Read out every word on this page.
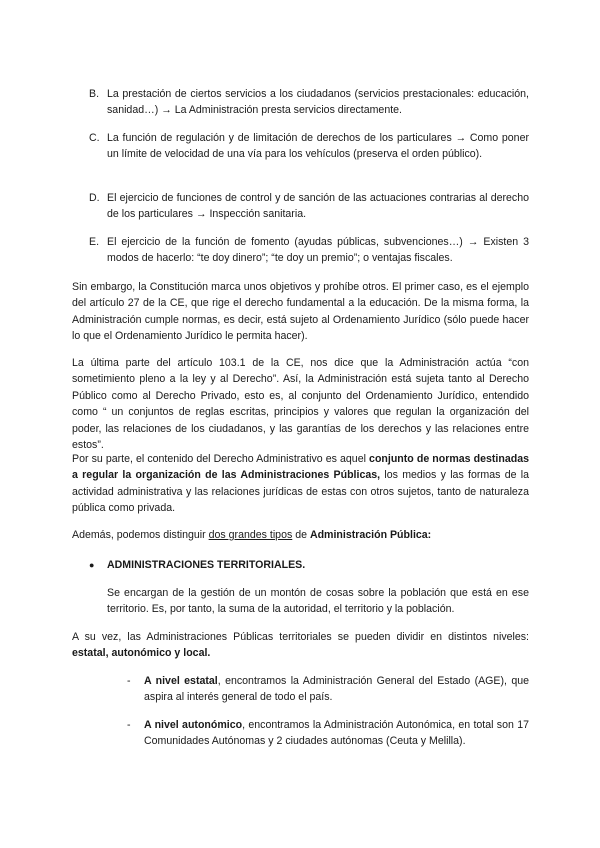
B. La prestación de ciertos servicios a los ciudadanos (servicios prestacionales: educación, sanidad…) → La Administración presta servicios directamente.
C. La función de regulación y de limitación de derechos de los particulares → Como poner un límite de velocidad de una vía para los vehículos (preserva el orden público).
D. El ejercicio de funciones de control y de sanción de las actuaciones contrarias al derecho de los particulares → Inspección sanitaria.
E. El ejercicio de la función de fomento (ayudas públicas, subvenciones…) → Existen 3 modos de hacerlo: “te doy dinero”; “te doy un premio”; o ventajas fiscales.
Sin embargo, la Constitución marca unos objetivos y prohíbe otros. El primer caso, es el ejemplo del artículo 27 de la CE, que rige el derecho fundamental a la educación. De la misma forma, la Administración cumple normas, es decir, está sujeto al Ordenamiento Jurídico (sólo puede hacer lo que el Ordenamiento Jurídico le permita hacer).
La última parte del artículo 103.1 de la CE, nos dice que la Administración actúa “con sometimiento pleno a la ley y al Derecho”. Así, la Administración está sujeta tanto al Derecho Público como al Derecho Privado, esto es, al conjunto del Ordenamiento Jurídico, entendido como “ un conjuntos de reglas escritas, principios y valores que regulan la organización del poder, las relaciones de los ciudadanos, y las garantías de los derechos y las relaciones entre estos”.
Por su parte, el contenido del Derecho Administrativo es aquel conjunto de normas destinadas a regular la organización de las Administraciones Públicas, los medios y las formas de la actividad administrativa y las relaciones jurídicas de estas con otros sujetos, tanto de naturaleza pública como privada.
Además, podemos distinguir dos grandes tipos de Administración Pública:
● ADMINISTRACIONES TERRITORIALES.
Se encargan de la gestión de un montón de cosas sobre la población que está en ese territorio. Es, por tanto, la suma de la autoridad, el territorio y la población.
A su vez, las Administraciones Públicas territoriales se pueden dividir en distintos niveles: estatal, autonómico y local.
- A nivel estatal, encontramos la Administración General del Estado (AGE), que aspira al interés general de todo el país.
- A nivel autonómico, encontramos la Administración Autonómica, en total son 17 Comunidades Autónomas y 2 ciudades autónomas (Ceuta y Melilla).
